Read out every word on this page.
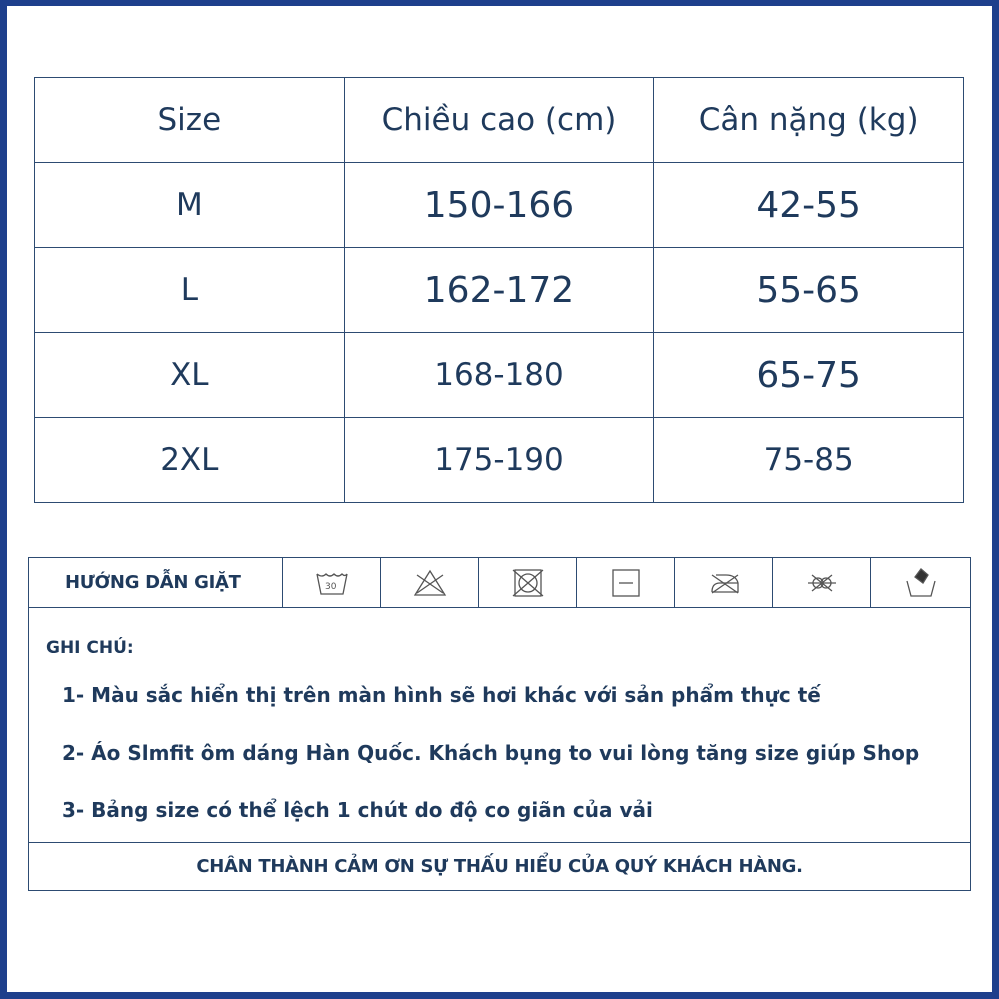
Size	Chiều cao (cm)	Cân nặng (kg)
M	150-166	42-55
L	162-172	55-65
XL	168-180	65-75
2XL	175-190	75-85
HƯỚNG DẪN GIẶT	30
GHI CHÚ:
1- Màu sắc hiển thị trên màn hình sẽ hơi khác với sản phẩm thực tế
2- Áo Slmfit ôm dáng Hàn Quốc. Khách bụng to vui lòng tăng size giúp Shop
3- Bảng size có thể lệch 1 chút do độ co giãn của vải
CHÂN THÀNH CẢM ƠN SỰ THẤU HIỂU CỦA QUÝ KHÁCH HÀNG.
